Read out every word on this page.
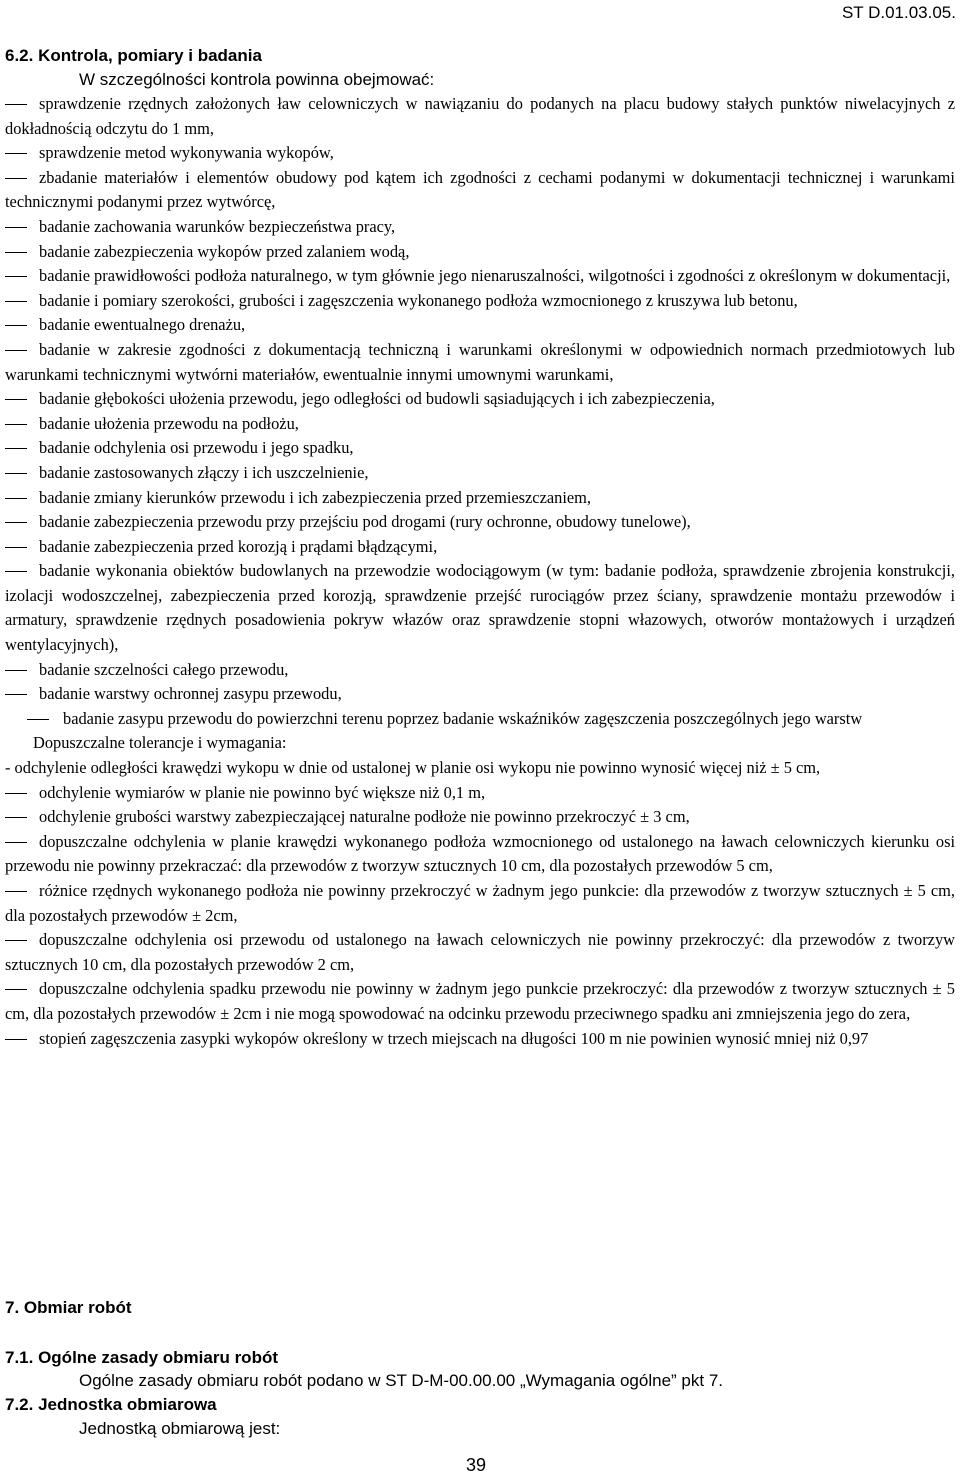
ST D.01.03.05.
6.2. Kontrola, pomiary i badania
W szczególności kontrola powinna obejmować:

sprawdzenie rzędnych założonych ław celowniczych w nawiązaniu do podanych na placu budowy stałych punktów niwelacyjnych z dokładnością odczytu do 1 mm,

sprawdzenie metod wykonywania wykopów,

zbadanie materiałów i elementów obudowy pod kątem ich zgodności z cechami podanymi w dokumentacji technicznej i warunkami technicznymi podanymi przez wytwórcę,

badanie zachowania warunków bezpieczeństwa pracy,

badanie zabezpieczenia wykopów przed zalaniem wodą,

badanie prawidłowości podłoża naturalnego, w tym głównie jego nienaruszalności, wilgotności i zgodności z określonym w dokumentacji,

badanie i pomiary szerokości, grubości i zagęszczenia wykonanego podłoża wzmocnionego z kruszywa lub betonu,

badanie ewentualnego drenażu,

badanie w zakresie zgodności z dokumentacją techniczną i warunkami określonymi w odpowiednich normach przedmiotowych lub warunkami technicznymi wytwórni materiałów, ewentualnie innymi umownymi warunkami,

badanie głębokości ułożenia przewodu, jego odległości od budowli sąsiadujących i ich zabezpieczenia,

badanie ułożenia przewodu na podłożu,

badanie odchylenia osi przewodu i jego spadku,

badanie zastosowanych złączy i ich uszczelnienie,

badanie zmiany kierunków przewodu i ich zabezpieczenia przed przemieszczaniem,

badanie zabezpieczenia przewodu przy przejściu pod drogami (rury ochronne, obudowy tunelowe),

badanie zabezpieczenia przed korozją i prądami błądzącymi,

badanie wykonania obiektów budowlanych na przewodzie wodociągowym (w tym: badanie podłoża, sprawdzenie zbrojenia konstrukcji, izolacji wodoszczelnej, zabezpieczenia przed korozją, sprawdzenie przejść rurociągów przez ściany, sprawdzenie montażu przewodów i armatury, sprawdzenie rzędnych posadowienia pokryw włazów oraz sprawdzenie stopni włazowych, otworów montażowych i urządzeń wentylacyjnych),

badanie szczelności całego przewodu,

badanie warstwy ochronnej zasypu przewodu,

badanie zasypu przewodu do powierzchni terenu poprzez badanie wskaźników zagęszczenia poszczególnych jego warstw

Dopuszczalne tolerancje i wymagania:

- odchylenie odległości krawędzi wykopu w dnie od ustalonej w planie osi wykopu nie powinno wynosić więcej niż ± 5 cm,

odchylenie wymiarów w planie nie powinno być większe niż 0,1 m,

odchylenie grubości warstwy zabezpieczającej naturalne podłoże nie powinno przekroczyć ± 3 cm,

dopuszczalne odchylenia w planie krawędzi wykonanego podłoża wzmocnionego od ustalonego na ławach celowniczych kierunku osi przewodu nie powinny przekraczać: dla przewodów z tworzyw sztucznych 10 cm, dla pozostałych przewodów 5 cm,

różnice rzędnych wykonanego podłoża nie powinny przekroczyć w żadnym jego punkcie: dla przewodów z tworzyw sztucznych ± 5 cm, dla pozostałych przewodów ± 2cm,

dopuszczalne odchylenia osi przewodu od ustalonego na ławach celowniczych nie powinny przekroczyć: dla przewodów z tworzyw sztucznych 10 cm, dla pozostałych przewodów 2 cm,

dopuszczalne odchylenia spadku przewodu nie powinny w żadnym jego punkcie przekroczyć: dla przewodów z tworzyw sztucznych ± 5 cm, dla pozostałych przewodów ± 2cm i nie mogą spowodować na odcinku przewodu przeciwnego spadku ani zmniejszenia jego do zera,

stopień zagęszczenia zasypki wykopów określony w trzech miejscach na długości 100 m nie powinien wynosić mniej niż 0,97

7. Obmiar robót
7.1. Ogólne zasady obmiaru robót
Ogólne zasady obmiaru robót podano w ST D-M-00.00.00 „Wymagania ogólne” pkt 7.
7.2. Jednostka obmiarowa
Jednostką obmiarową jest:
39
